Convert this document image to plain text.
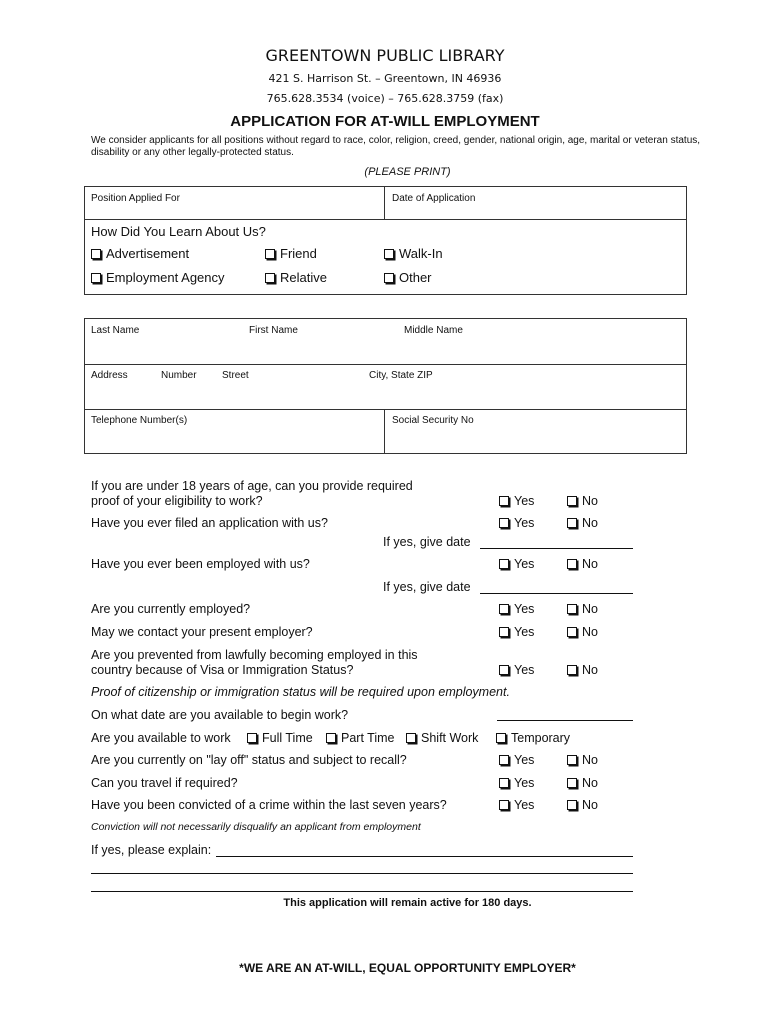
GREENTOWN PUBLIC LIBRARY
421 S. Harrison St. – Greentown, IN 46936
765.628.3534 (voice) – 765.628.3759 (fax)
APPLICATION FOR AT-WILL EMPLOYMENT
We consider applicants for all positions without regard to race, color, religion, creed, gender, national origin, age, marital or veteran status, disability or any other legally-protected status.
(PLEASE PRINT)
Position Applied For	Date of Application
How Did You Learn About Us?
Advertisement	Friend	Walk-In
Employment Agency	Relative	Other
Last Name	First Name	Middle Name
Address	Number	Street	City, State ZIP
Telephone Number(s)	Social Security No
If you are under 18 years of age, can you provide required proof of your eligibility to work?	Yes	No
Have you ever filed an application with us?	Yes	No
If yes, give date
Have you ever been employed with us?	Yes	No
If yes, give date
Are you currently employed?	Yes	No
May we contact your present employer?	Yes	No
Are you prevented from lawfully becoming employed in this country because of Visa or Immigration Status?	Yes	No
Proof of citizenship or immigration status will be required upon employment.
On what date are you available to begin work?
Are you available to work	Full Time Part Time Shift Work	Temporary
Are you currently on "lay off" status and subject to recall?	Yes	No
Can you travel if required?	Yes	No
Have you been convicted of a crime within the last seven years?	Yes	No
Conviction will not necessarily disqualify an applicant from employment
If yes, please explain:
This application will remain active for 180 days.
*WE ARE AN AT-WILL, EQUAL OPPORTUNITY EMPLOYER*
